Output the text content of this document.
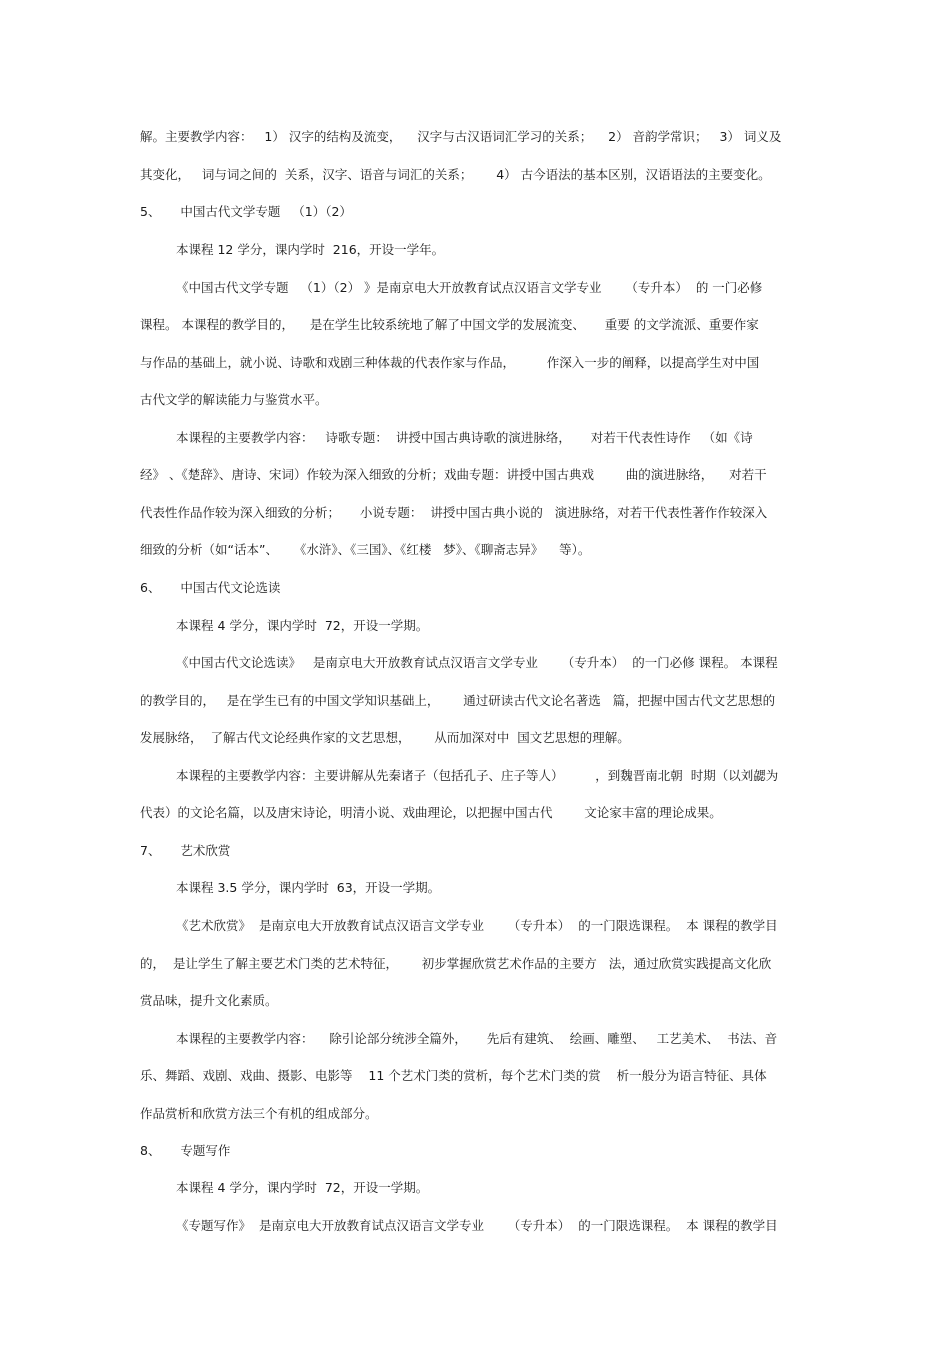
解。主要教学内容：   1） 汉字的结构及流变，    汉字与古汉语词汇学习的关系；    2） 音韵学常识；   3） 词义及
其变化，   词与词之间的  关系，汉字、语音与词汇的关系；      4） 古今语法的基本区别，汉语语法的主要变化。
5、     中国古代文学专题   （1）（2）
本课程 12 学分，课内学时  216，开设一学年。
《中国古代文学专题   （1）（2） 》是南京电大开放教育试点汉语言文学专业      （专升本）  的 一门必修
课程。 本课程的教学目的，    是在学生比较系统地了解了中国文学的发展流变、     重要 的文学流派、重要作家
与作品的基础上，就小说、诗歌和戏剧三种体裁的代表作家与作品，        作深入一步的阐释，以提高学生对中国
古代文学的解读能力与鉴赏水平。
本课程的主要教学内容：   诗歌专题：  讲授中国古典诗歌的演进脉络，     对若干代表性诗作   （如《诗
经》 、《楚辞》、唐诗、宋词）作较为深入细致的分析；戏曲专题：讲授中国古典戏        曲的演进脉络，    对若干
代表性作品作较为深入细致的分析；     小说专题：  讲授中国古典小说的   演进脉络，对若干代表性著作作较深入
细致的分析（如“话本”、    《水浒》、《三国》、《红楼   梦》、《聊斋志异》    等）。
6、     中国古代文论选读
本课程 4 学分，课内学时  72，开设一学期。
《中国古代文论选读》   是南京电大开放教育试点汉语言文学专业      （专升本）  的一门必修 课程。 本课程
的教学目的，   是在学生已有的中国文学知识基础上，      通过研读古代文论名著选   篇，把握中国古代文艺思想的
发展脉络，  了解古代文论经典作家的文艺思想，      从而加深对中  国文艺思想的理解。
本课程的主要教学内容：主要讲解从先秦诸子（包括孔子、庄子等人）        ，到魏晋南北朝  时期（以刘勰为
代表）的文论名篇，以及唐宋诗论，明清小说、戏曲理论，以把握中国古代        文论家丰富的理论成果。
7、     艺术欣赏
本课程 3.5 学分，课内学时  63，开设一学期。
《艺术欣赏》  是南京电大开放教育试点汉语言文学专业      （专升本）  的一门限选课程。  本 课程的教学目
的，  是让学生了解主要艺术门类的艺术特征，      初步掌握欣赏艺术作品的主要方   法，通过欣赏实践提高文化欣
赏品味，提升文化素质。
本课程的主要教学内容：    除引论部分统涉全篇外，     先后有建筑、  绘画、雕塑、   工艺美术、  书法、音
乐、舞蹈、戏剧、戏曲、摄影、电影等    11 个艺术门类的赏析，每个艺术门类的赏    析一般分为语言特征、具体
作品赏析和欣赏方法三个有机的组成部分。
8、     专题写作
本课程 4 学分，课内学时  72，开设一学期。
《专题写作》  是南京电大开放教育试点汉语言文学专业      （专升本）  的一门限选课程。  本 课程的教学目
